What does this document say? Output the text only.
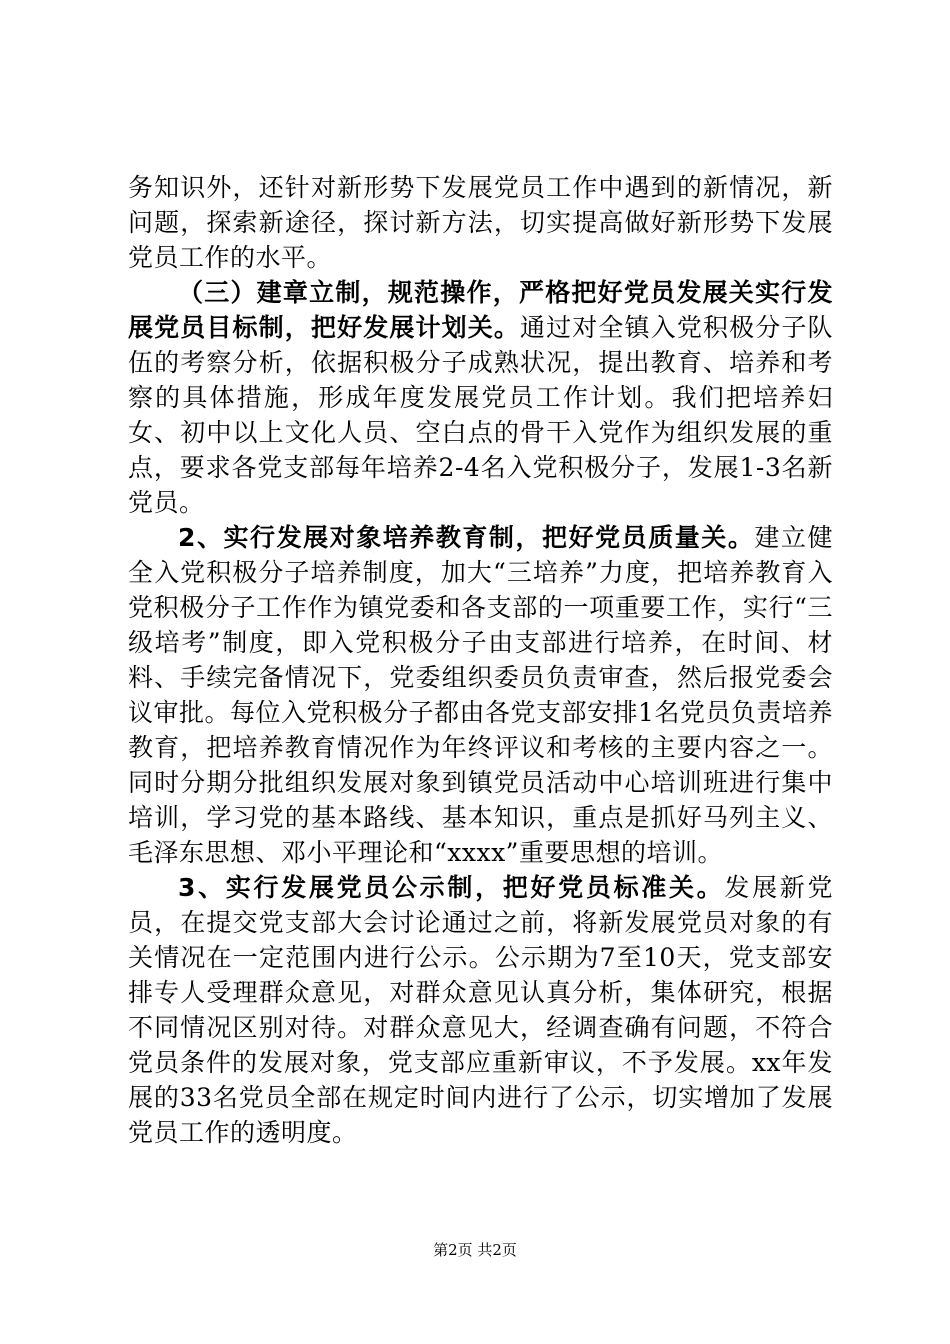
务知识外，还针对新形势下发展党员工作中遇到的新情况，新问题，探索新途径，探讨新方法，切实提高做好新形势下发展党员工作的水平。

（三）建章立制，规范操作，严格把好党员发展关实行发展党员目标制，把好发展计划关。通过对全镇入党积极分子队伍的考察分析，依据积极分子成熟状况，提出教育、培养和考察的具体措施，形成年度发展党员工作计划。我们把培养妇女、初中以上文化人员、空白点的骨干入党作为组织发展的重点，要求各党支部每年培养2-4名入党积极分子，发展1-3名新党员。

2、实行发展对象培养教育制，把好党员质量关。建立健全入党积极分子培养制度，加大“三培养”力度，把培养教育入党积极分子工作作为镇党委和各支部的一项重要工作，实行“三级培考”制度，即入党积极分子由支部进行培养，在时间、材料、手续完备情况下，党委组织委员负责审查，然后报党委会议审批。每位入党积极分子都由各党支部安排1名党员负责培养教育，把培养教育情况作为年终评议和考核的主要内容之一。同时分期分批组织发展对象到镇党员活动中心培训班进行集中培训，学习党的基本路线、基本知识，重点是抓好马列主义、毛泽东思想、邓小平理论和“xxxx”重要思想的培训。

3、实行发展党员公示制，把好党员标准关。发展新党员，在提交党支部大会讨论通过之前，将新发展党员对象的有关情况在一定范围内进行公示。公示期为7至10天，党支部安排专人受理群众意见，对群众意见认真分析，集体研究，根据不同情况区别对待。对群众意见大，经调查确有问题，不符合党员条件的发展对象，党支部应重新审议，不予发展。xx年发展的33名党员全部在规定时间内进行了公示，切实增加了发展党员工作的透明度。

第2页 共2页
